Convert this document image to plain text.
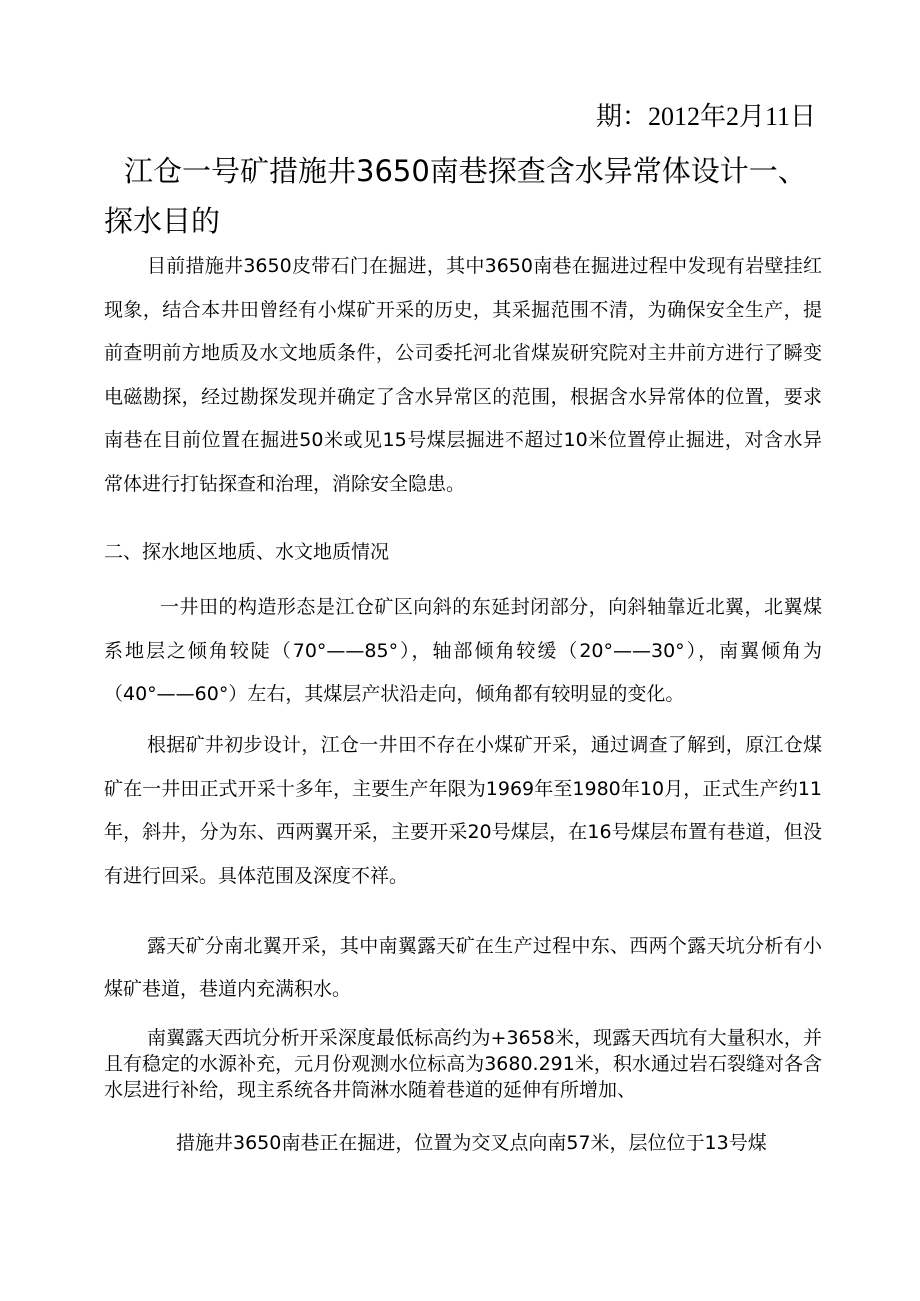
期：2012年2月11日
江仓一号矿措施井3650南巷探查含水异常体设计一、探水目的

目前措施井3650皮带石门在掘进，其中3650南巷在掘进过程中发现有岩壁挂红现象，结合本井田曾经有小煤矿开采的历史，其采掘范围不清，为确保安全生产，提前查明前方地质及水文地质条件，公司委托河北省煤炭研究院对主井前方进行了瞬变电磁勘探，经过勘探发现并确定了含水异常区的范围，根据含水异常体的位置，要求南巷在目前位置在掘进50米或见15号煤层掘进不超过10米位置停止掘进，对含水异常体进行打钻探查和治理，消除安全隐患。

二、探水地区地质、水文地质情况

一井田的构造形态是江仓矿区向斜的东延封闭部分，向斜轴靠近北翼，北翼煤系地层之倾角较陡（70°——85°），轴部倾角较缓（20°——30°），南翼倾角为（40°——60°）左右，其煤层产状沿走向，倾角都有较明显的变化。

根据矿井初步设计，江仓一井田不存在小煤矿开采，通过调查了解到，原江仓煤矿在一井田正式开采十多年，主要生产年限为1969年至1980年10月，正式生产约11年，斜井，分为东、西两翼开采，主要开采20号煤层，在16号煤层布置有巷道，但没有进行回采。具体范围及深度不祥。

露天矿分南北翼开采，其中南翼露天矿在生产过程中东、西两个露天坑分析有小煤矿巷道，巷道内充满积水。

南翼露天西坑分析开采深度最低标高约为+3658米，现露天西坑有大量积水，并且有稳定的水源补充，元月份观测水位标高为3680.291米，积水通过岩石裂缝对各含水层进行补给，现主系统各井筒淋水随着巷道的延伸有所增加、

措施井3650南巷正在掘进，位置为交叉点向南57米，层位位于13号煤
